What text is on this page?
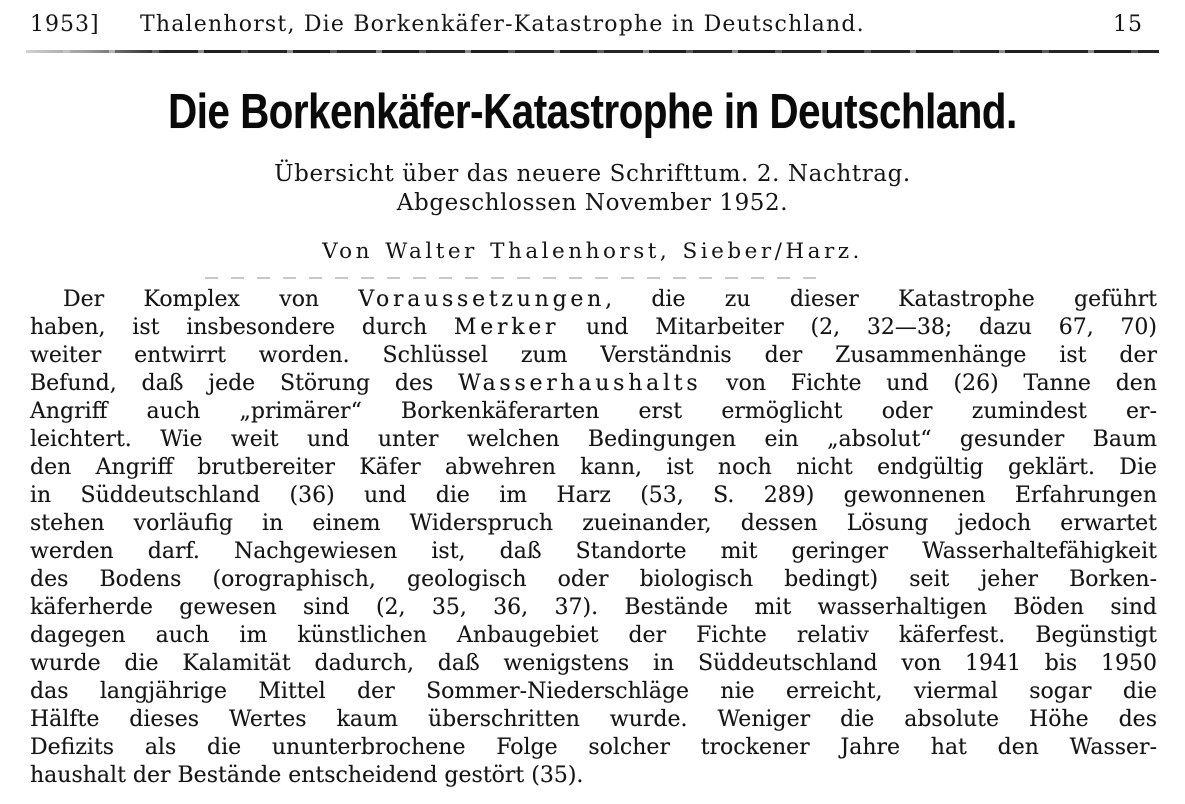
1953] Thalenhorst, Die Borkenkäfer-Katastrophe in Deutschland.	15
Die Borkenkäfer-Katastrophe in Deutschland.
Übersicht über das neuere Schrifttum. 2. Nachtrag.
Abgeschlossen November 1952.
Von Walter Thalenhorst, Sieber/Harz.
Der Komplex von Voraussetzungen, die zu dieser Katastrophe geführt
haben, ist insbesondere durch Merker und Mitarbeiter (2, 32—38; dazu 67, 70)
weiter entwirrt worden. Schlüssel zum Verständnis der Zusammenhänge ist der
Befund, daß jede Störung des Wasserhaushalts von Fichte und (26) Tanne den
Angriff auch „primärer“ Borkenkäferarten erst ermöglicht oder zumindest er-
leichtert. Wie weit und unter welchen Bedingungen ein „absolut“ gesunder Baum
den Angriff brutbereiter Käfer abwehren kann, ist noch nicht endgültig geklärt. Die
in Süddeutschland (36) und die im Harz (53, S. 289) gewonnenen Erfahrungen
stehen vorläufig in einem Widerspruch zueinander, dessen Lösung jedoch erwartet
werden darf. Nachgewiesen ist, daß Standorte mit geringer Wasserhaltefähigkeit
des Bodens (orographisch, geologisch oder biologisch bedingt) seit jeher Borken-
käferherde gewesen sind (2, 35, 36, 37). Bestände mit wasserhaltigen Böden sind
dagegen auch im künstlichen Anbaugebiet der Fichte relativ käferfest. Begünstigt
wurde die Kalamität dadurch, daß wenigstens in Süddeutschland von 1941 bis 1950
das langjährige Mittel der Sommer-Niederschläge nie erreicht, viermal sogar die
Hälfte dieses Wertes kaum überschritten wurde. Weniger die absolute Höhe des
Defizits als die ununterbrochene Folge solcher trockener Jahre hat den Wasser-
haushalt der Bestände entscheidend gestört (35).
